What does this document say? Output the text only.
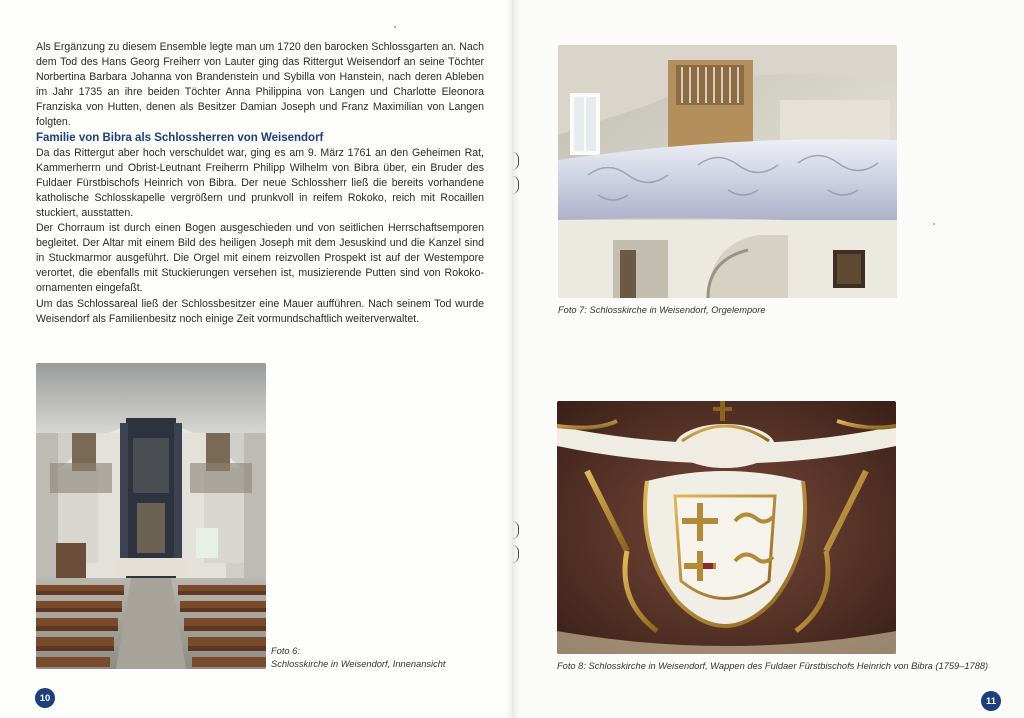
Als Ergänzung zu diesem Ensemble legte man um 1720 den barocken Schlossgarten an. Nach dem Tod des Hans Georg Freiherr von Lauter ging das Rittergut Weisendorf an seine Töchter Norbertina Barbara Johanna von Brandenstein und Sybilla von Hanstein, nach deren Ableben im Jahr 1735 an ihre beiden Töchter Anna Philippina von Langen und Charlotte Eleonora Franziska von Hutten, denen als Besitzer Damian Joseph und Franz Maximilian von Langen folgten.

Familie von Bibra als Schlossherren von Weisendorf

Da das Rittergut aber hoch verschuldet war, ging es am 9. März 1761 an den Geheimen Rat, Kammerherrn und Obrist-Leutnant Freiherrn Philipp Wilhelm von Bibra über, ein Bruder des Fuldaer Fürstbischofs Heinrich von Bibra. Der neue Schlossherr ließ die bereits vorhandene katholische Schlosskapelle vergrößern und prunkvoll in reifem Rokoko, reich mit Rocaillen stuckiert, ausstatten.

Der Chorraum ist durch einen Bogen ausgeschieden und von seitlichen Herrschaftsemporen begleitet. Der Altar mit einem Bild des heiligen Joseph mit dem Jesuskind und die Kanzel sind in Stuckmarmor ausgeführt. Die Orgel mit einem reizvollen Prospekt ist auf der Westempore verortet, die ebenfalls mit Stuckierungen versehen ist, musizierende Putten sind von Rokoko-ornamenten eingefaßt.

Um das Schlossareal ließ der Schlossbesitzer eine Mauer aufführen. Nach seinem Tod wurde Weisendorf als Familienbesitz noch einige Zeit vormundschaftlich weiterverwaltet.

Foto 6:
Schlosskirche in Weisendorf, Innenansicht
10
Foto 7: Schlosskirche in Weisendorf, Orgelempore
Foto 8: Schlosskirche in Weisendorf, Wappen des Fuldaer Fürstbischofs Heinrich von Bibra (1759–1788)
11
